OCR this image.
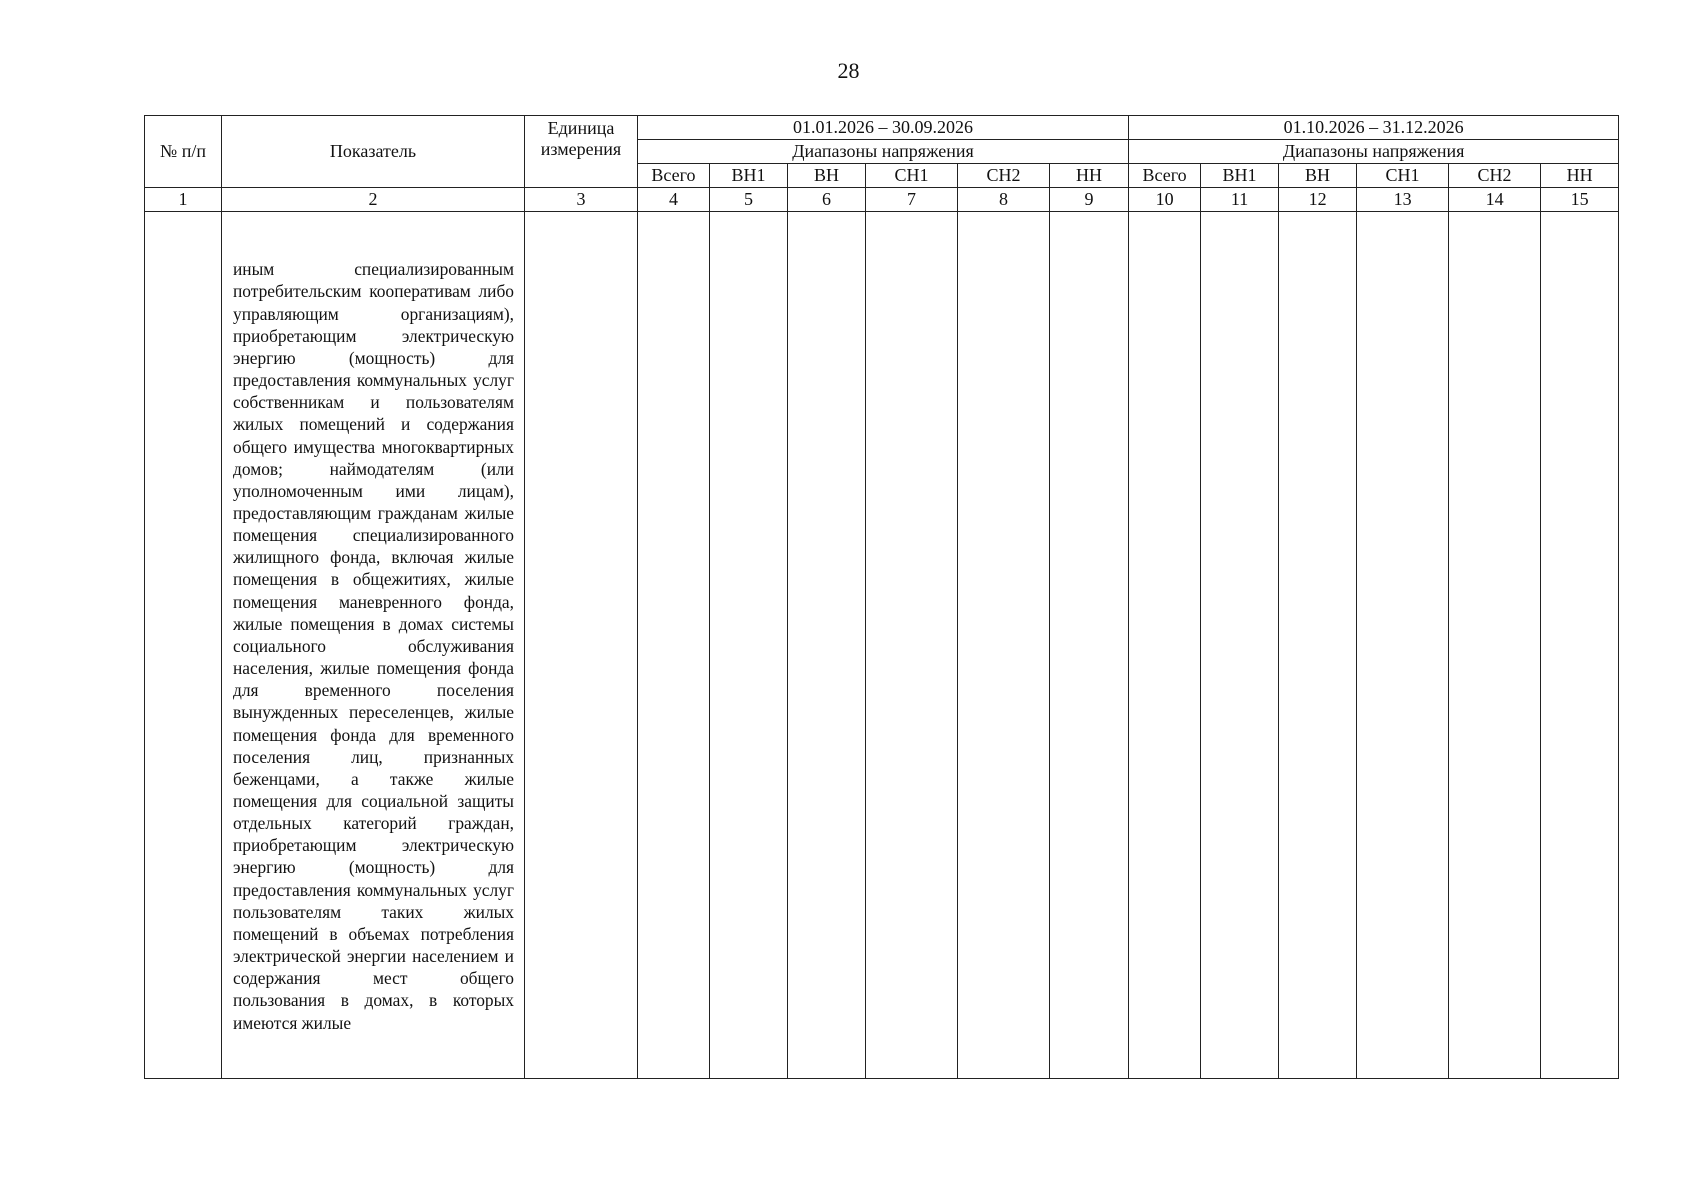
28
№ п/п	Показатель	Единица измерения	01.01.2026 – 30.09.2026						01.10.2026 – 31.12.2026					
			Диапазоны напряжения						Диапазоны напряжения					
			Всего	ВН1	ВН	СН1	СН2	НН	Всего	ВН1	ВН	СН1	СН2	НН
1	2	3	4	5	6	7	8	9	10	11	12	13	14	15

	иным специализированным потребительским кооперативам либо управляющим организациям), приобретающим электрическую энергию (мощность) для предоставления коммунальных услуг собственникам и пользователям жилых помещений и содержания общего имущества многоквартирных домов; наймодателям (или уполномоченным ими лицам), предоставляющим гражданам жилые помещения специализированного жилищного фонда, включая жилые помещения в общежитиях, жилые помещения маневренного фонда, жилые помещения в домах системы социального обслуживания населения, жилые помещения фонда для временного поселения вынужденных переселенцев, жилые помещения фонда для временного поселения лиц, признанных беженцами, а также жилые помещения для социальной защиты отдельных категорий граждан, приобретающим электрическую энергию (мощность) для предоставления коммунальных услуг пользователям таких жилых помещений в объемах потребления электрической энергии населением и содержания мест общего пользования в домах, в которых имеются жилые													
